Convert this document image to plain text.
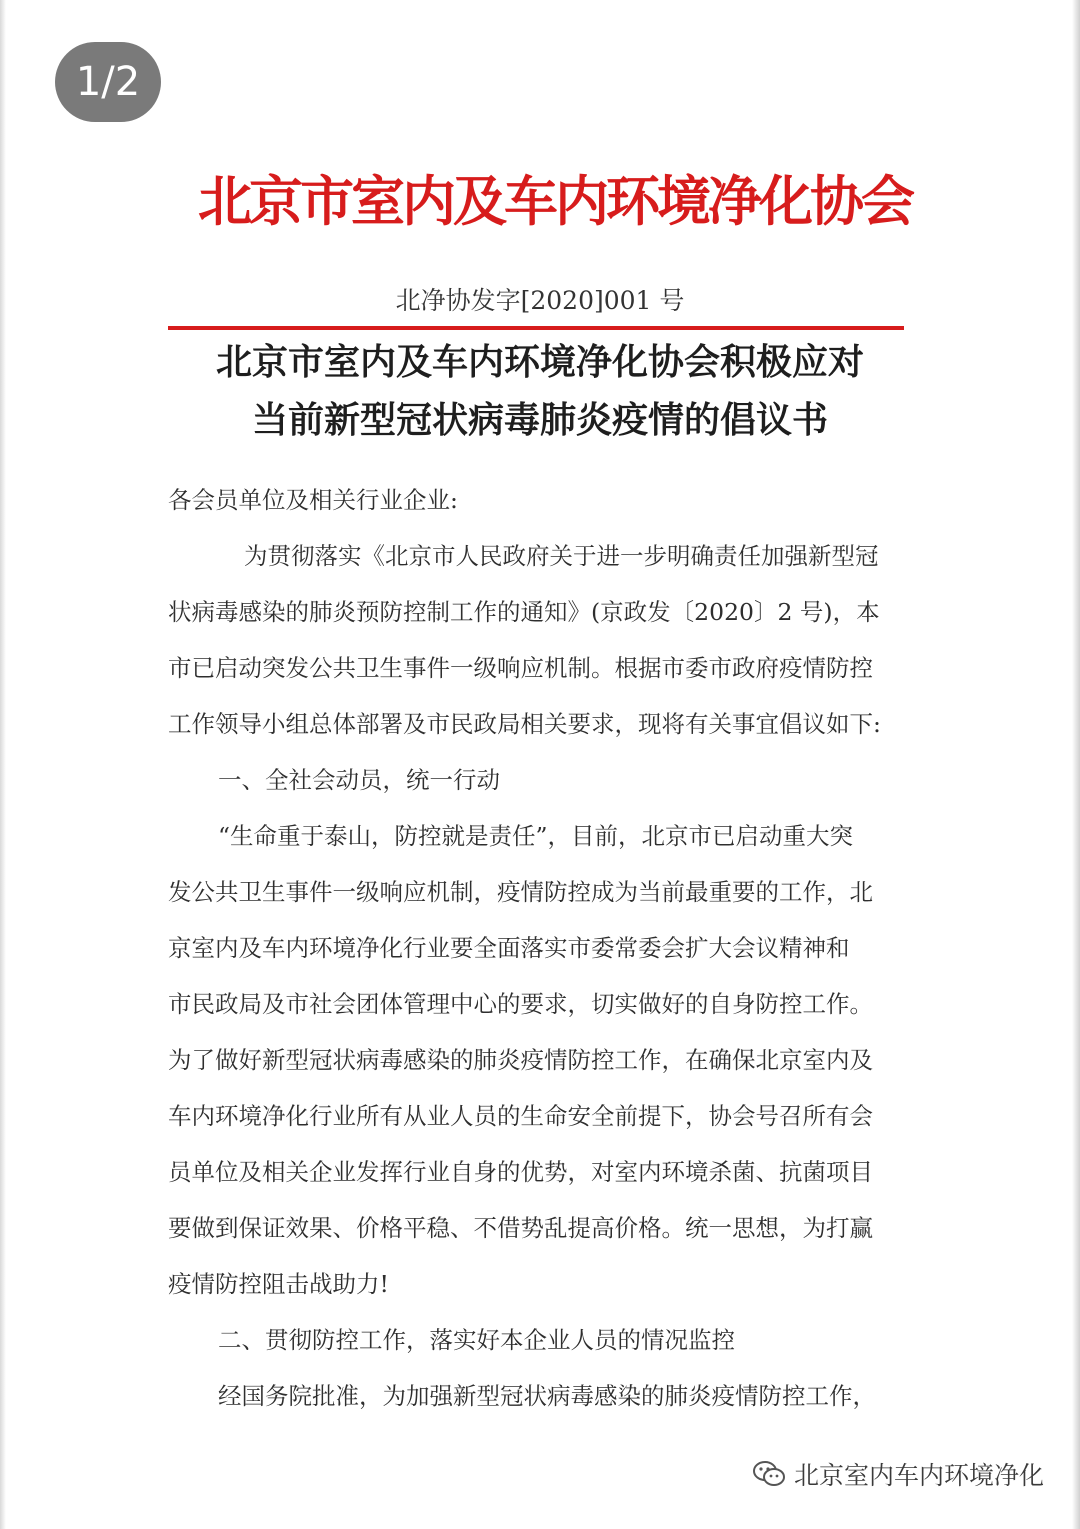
1/2
北京市室内及车内环境净化协会
北净协发字[2020]001 号
北京市室内及车内环境净化协会积极应对
当前新型冠状病毒肺炎疫情的倡议书
各会员单位及相关行业企业:
为贯彻落实《北京市人民政府关于进一步明确责任加强新型冠
状病毒感染的肺炎预防控制工作的通知》(京政发〔2020〕2 号)，本
市已启动突发公共卫生事件一级响应机制。根据市委市政府疫情防控
工作领导小组总体部署及市民政局相关要求，现将有关事宜倡议如下:
一、全社会动员，统一行动
“生命重于泰山，防控就是责任”，目前，北京市已启动重大突
发公共卫生事件一级响应机制，疫情防控成为当前最重要的工作，北
京室内及车内环境净化行业要全面落实市委常委会扩大会议精神和
市民政局及市社会团体管理中心的要求，切实做好的自身防控工作。
为了做好新型冠状病毒感染的肺炎疫情防控工作，在确保北京室内及
车内环境净化行业所有从业人员的生命安全前提下，协会号召所有会
员单位及相关企业发挥行业自身的优势，对室内环境杀菌、抗菌项目
要做到保证效果、价格平稳、不借势乱提高价格。统一思想，为打赢
疫情防控阻击战助力!
二、贯彻防控工作，落实好本企业人员的情况监控
经国务院批准，为加强新型冠状病毒感染的肺炎疫情防控工作，
北京室内车内环境净化
